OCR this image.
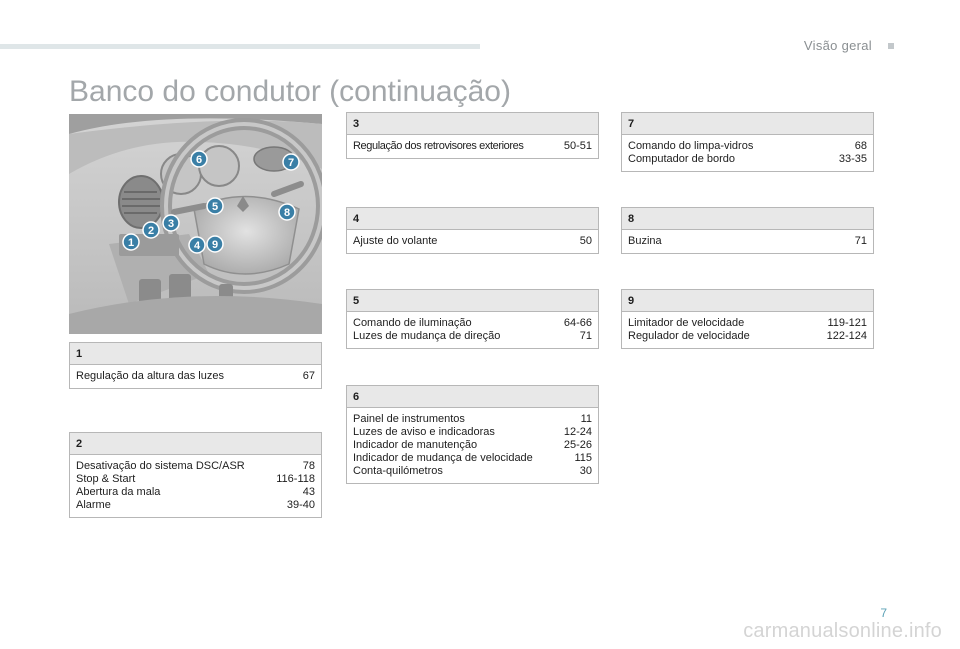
Visão geral
Banco do condutor (continuação)
1
2
3
4
5
6	7
8
9
1
Regulação da altura das luzes	67
2
Desativação do sistema DSC/ASR	78
Stop & Start	116-118
Abertura da mala	43
Alarme	39-40
3
Regulação dos retrovisores exteriores	50-51
4
Ajuste do volante	50
5
Comando de iluminação	64-66
Luzes de mudança de direção	71
6
Painel de instrumentos	11
Luzes de aviso e indicadoras	12-24
Indicador de manutenção	25-26
Indicador de mudança de velocidade	115
Conta-quilómetros	30
7
Comando do limpa-vidros	68
Computador de bordo	33-35
8
Buzina	71
9
Limitador de velocidade	119-121
Regulador de velocidade	122-124
7
carmanualsonline.info
